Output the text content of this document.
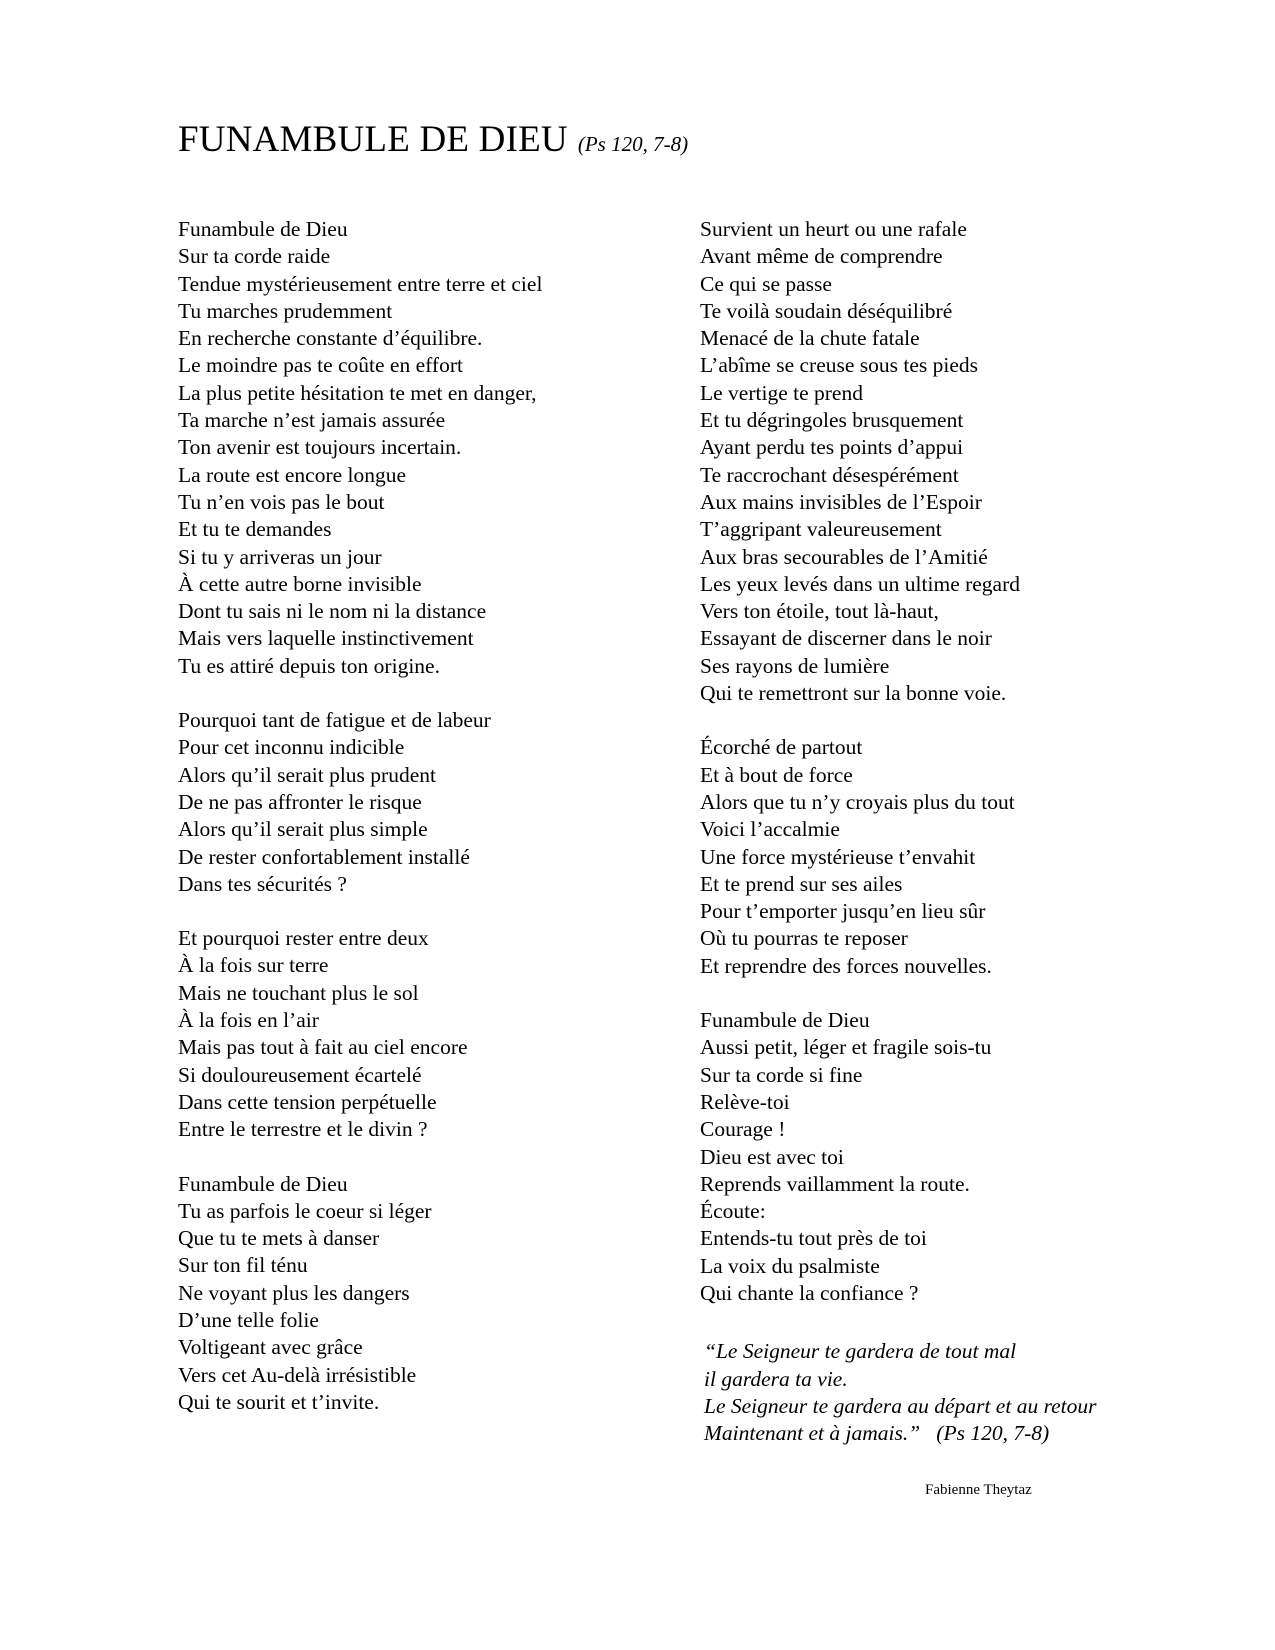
FUNAMBULE DE DIEU (Ps 120, 7-8)
Funambule de Dieu
Sur ta corde raide
Tendue mystérieusement entre terre et ciel
Tu marches prudemment
En recherche constante d’équilibre.
Le moindre pas te coûte en effort
La plus petite hésitation te met en danger,
Ta marche n’est jamais assurée
Ton avenir est toujours incertain.
La route est encore longue
Tu n’en vois pas le bout
Et tu te demandes
Si tu y arriveras un jour
À cette autre borne invisible
Dont tu sais ni le nom ni la distance
Mais vers laquelle instinctivement
Tu es attiré depuis ton origine.
Pourquoi tant de fatigue et de labeur
Pour cet inconnu indicible
Alors qu’il serait plus prudent
De ne pas affronter le risque
Alors qu’il serait plus simple
De rester confortablement installé
Dans tes sécurités ?
Et pourquoi rester entre deux
À la fois sur terre
Mais ne touchant plus le sol
À la fois en l’air
Mais pas tout à fait au ciel encore
Si douloureusement écartelé
Dans cette tension perpétuelle
Entre le terrestre et le divin ?
Funambule de Dieu
Tu as parfois le coeur si léger
Que tu te mets à danser
Sur ton fil ténu
Ne voyant plus les dangers
D’une telle folie
Voltigeant avec grâce
Vers cet Au-delà irrésistible
Qui te sourit et t’invite.
Survient un heurt ou une rafale
Avant même de comprendre
Ce qui se passe
Te voilà soudain déséquilibré
Menacé de la chute fatale
L’abîme se creuse sous tes pieds
Le vertige te prend
Et tu dégringoles brusquement
Ayant perdu tes points d’appui
Te raccrochant désespérément
Aux mains invisibles de l’Espoir
T’aggripant valeureusement
Aux bras secourables de l’Amitié
Les yeux levés dans un ultime regard
Vers ton étoile, tout là-haut,
Essayant de discerner dans le noir
Ses rayons de lumière
Qui te remettront sur la bonne voie.
Écorché de partout
Et à bout de force
Alors que tu n’y croyais plus du tout
Voici l’accalmie
Une force mystérieuse t’envahit
Et te prend sur ses ailes
Pour t’emporter jusqu’en lieu sûr
Où tu pourras te reposer
Et reprendre des forces nouvelles.
Funambule de Dieu
Aussi petit, léger et fragile sois-tu
Sur ta corde si fine
Relève-toi
Courage !
Dieu est avec toi
Reprends vaillamment la route.
Écoute:
Entends-tu tout près de toi
La voix du psalmiste
Qui chante la confiance ?
“Le Seigneur te gardera de tout mal
il gardera ta vie.
Le Seigneur te gardera au départ et au retour
Maintenant et à jamais.”   (Ps 120, 7-8)
Fabienne Theytaz
